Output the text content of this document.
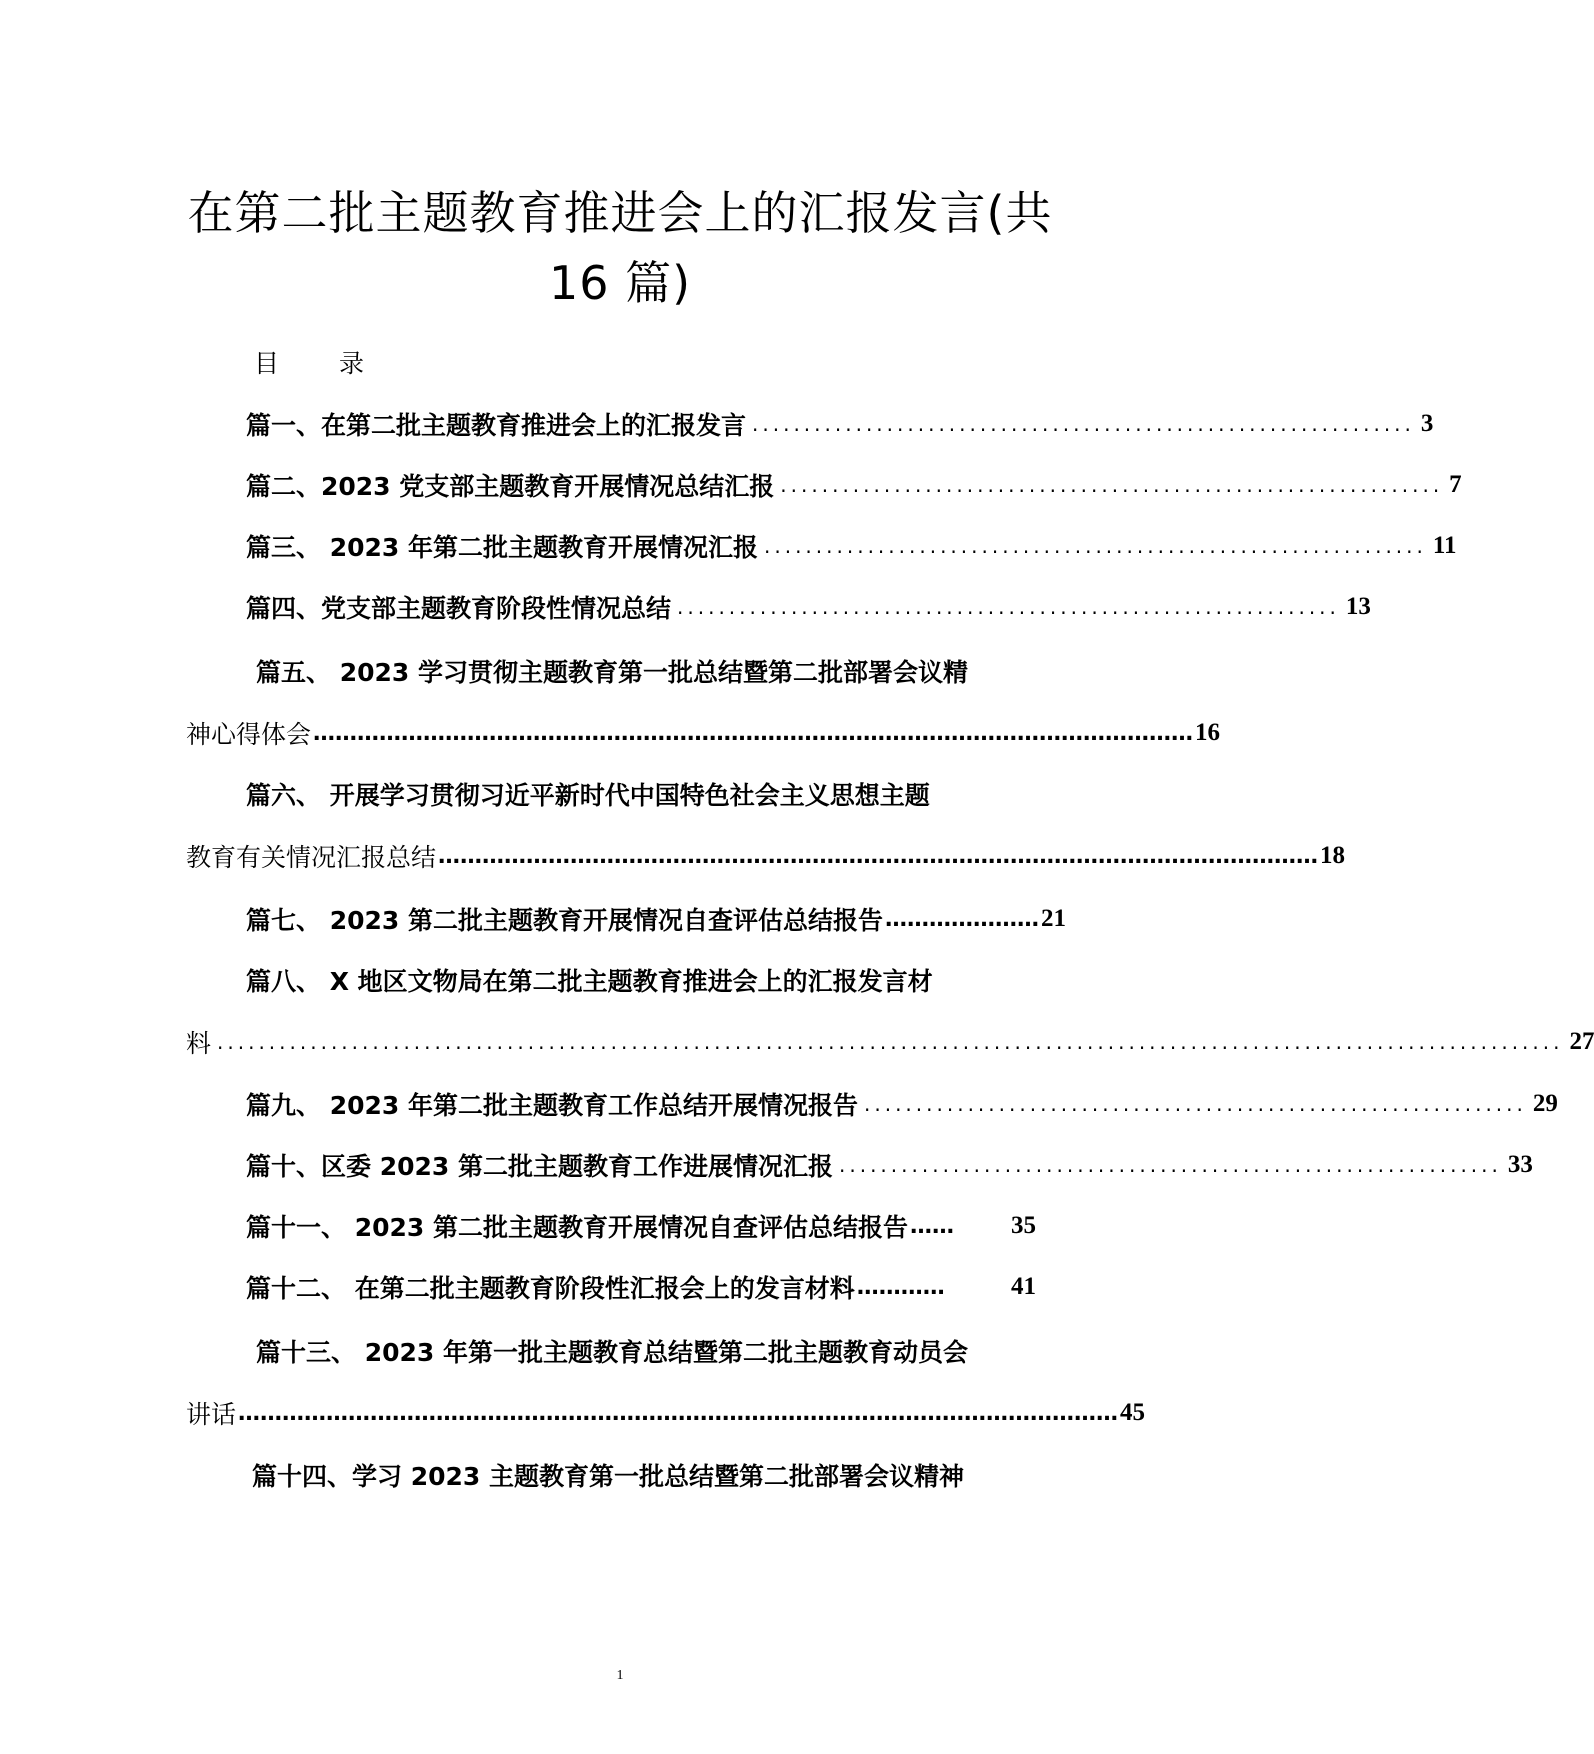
在第二批主题教育推进会上的汇报发言(共
16 篇)
目 录
篇一、在第二批主题教育推进会上的汇报发言 ................................................................ 3
篇二、2023 党支部主题教育开展情况总结汇报 ................................................................ 7
篇三、 2023 年第二批主题教育开展情况汇报 ................................................................ 11
篇四、党支部主题教育阶段性情况总结 ................................................................ 13
篇五、 2023 学习贯彻主题教育第一批总结暨第二批部署会议精
神心得体会 ………………………………………………………………………………………………………… 16
篇六、 开展学习贯彻习近平新时代中国特色社会主义思想主题
教育有关情况汇报总结 ………………………………………………………………………………………………………… 18
篇七、 2023 第二批主题教育开展情况自查评估总结报告 ………………… 21
篇八、 X 地区文物局在第二批主题教育推进会上的汇报发言材
料 .................................................................................................................................. 27
篇九、 2023 年第二批主题教育工作总结开展情况报告 ................................................................ 29
篇十、区委 2023 第二批主题教育工作进展情况汇报 ................................................................ 33
篇十一、 2023 第二批主题教育开展情况自查评估总结报告 ……	35
篇十二、 在第二批主题教育阶段性汇报会上的发言材料 …………	41
篇十三、 2023 年第一批主题教育总结暨第二批主题教育动员会
讲话 ………………………………………………………………………………………………………… 45
篇十四、学习 2023 主题教育第一批总结暨第二批部署会议精神
1
